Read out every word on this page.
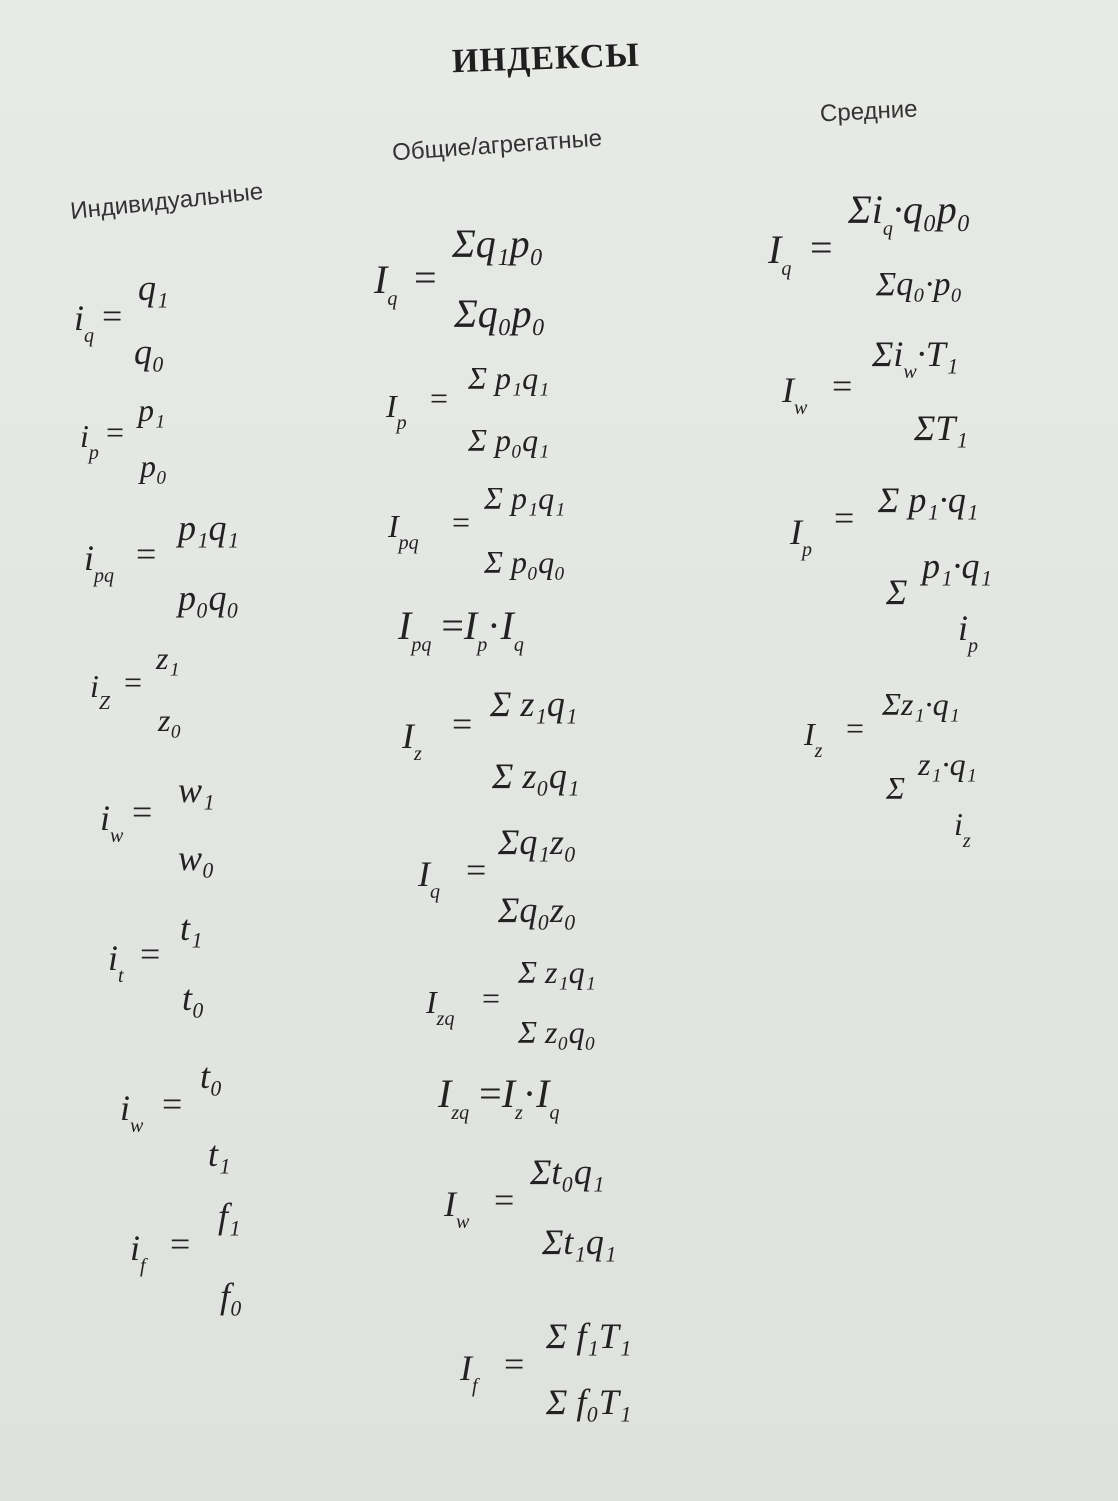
ИНДЕКСЫ
Индивидуальные
Общие/агрегатные
Средние
$i_q$ =
q₁
q₀
$i_p$
=
p₁
p₀
$i_{pq}$
=
p₁q₁
p₀q₀
$i_Z$
=
z₁
z₀
$i_w$
=
w₁
w₀
$i_t$
=
t₁
t₀
$i_w$
=
t₀
t₁
$i_f$
=
f₁
f₀
$I_q$ =
Σq₁p₀
Σq₀p₀
$I_p$
=
Σ p₁q₁
Σ p₀q₁
$I_{pq}$
=
Σ p₁q₁
Σ p₀q₀
$I_{pq} =I_p\cdot I_q$
$I_z$
= Σ z₁q₁
Σ z₀q₁
$I_q$
=
Σq₁z₀
Σq₀z₀
$I_{zq}$
=
Σ z₁q₁
Σ z₀q₀
$I_{zq} =I_z\cdot I_q$
$I_w$
=
Σt₀q₁
Σt₁q₁
$I_f$
=
Σ f₁T₁
Σ f₀T₁
$I_q$ =
$\Sigma i_q\cdot q_0p_0$
Σq₀·p₀
$I_w$
=
$\Sigma i_w\cdot T_1$
ΣT₁
$I_p$
= Σ p₁·q₁
Σ
p₁·q₁
$i_p$
$I_z$
=
Σz₁·q₁
Σ
z₁·q₁
$i_z$
